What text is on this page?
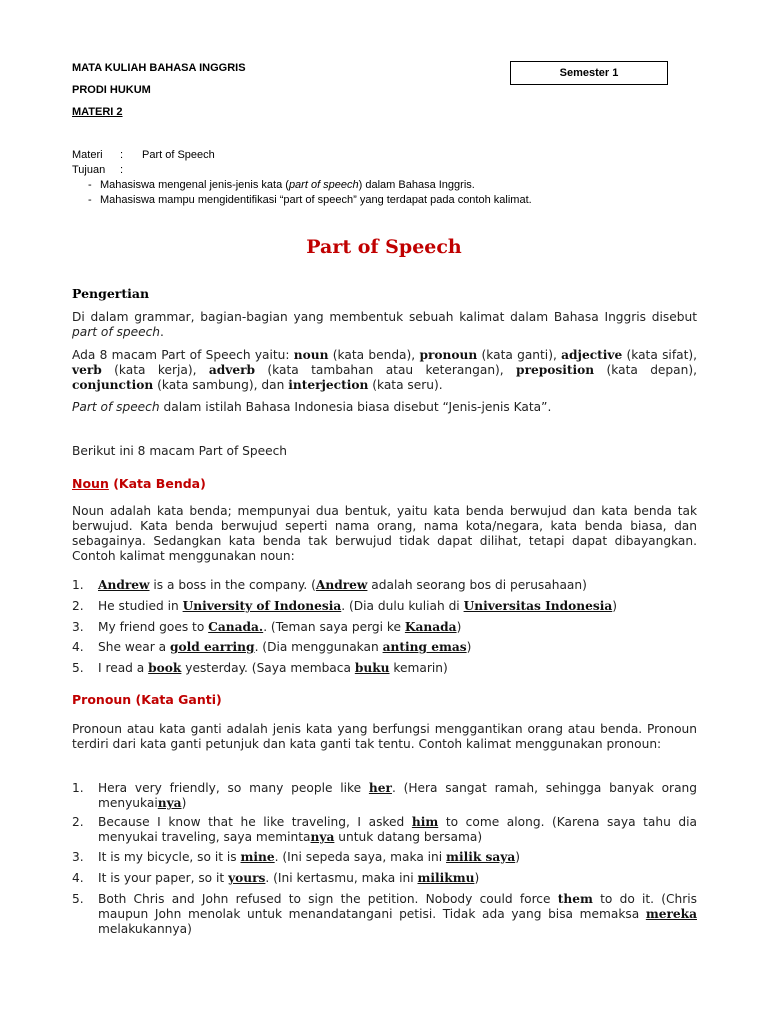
MATA KULIAH BAHASA INGGRIS
PRODI HUKUM
MATERI 2
Semester 1
Materi : Part of Speech
Tujuan :
- Mahasiswa mengenal jenis-jenis kata (part of speech) dalam Bahasa Inggris.
- Mahasiswa mampu mengidentifikasi “part of speech” yang terdapat pada contoh kalimat.
Part of Speech
Pengertian
Di dalam grammar, bagian-bagian yang membentuk sebuah kalimat dalam Bahasa Inggris disebut part of speech.
Ada 8 macam Part of Speech yaitu: noun (kata benda), pronoun (kata ganti), adjective (kata sifat), verb (kata kerja), adverb (kata tambahan atau keterangan), preposition (kata depan), conjunction (kata sambung), dan interjection (kata seru).
Part of speech dalam istilah Bahasa Indonesia biasa disebut “Jenis-jenis Kata”.
Berikut ini 8 macam Part of Speech
Noun (Kata Benda)
Noun adalah kata benda; mempunyai dua bentuk, yaitu kata benda berwujud dan kata benda tak berwujud. Kata benda berwujud seperti nama orang, nama kota/negara, kata benda biasa, dan sebagainya. Sedangkan kata benda tak berwujud tidak dapat dilihat, tetapi dapat dibayangkan. Contoh kalimat menggunakan noun:
1. Andrew is a boss in the company. (Andrew adalah seorang bos di perusahaan)
2. He studied in University of Indonesia. (Dia dulu kuliah di Universitas Indonesia)
3. My friend goes to Canada.. (Teman saya pergi ke Kanada)
4. She wear a gold earring. (Dia menggunakan anting emas)
5. I read a book yesterday. (Saya membaca buku kemarin)
Pronoun (Kata Ganti)
Pronoun atau kata ganti adalah jenis kata yang berfungsi menggantikan orang atau benda. Pronoun terdiri dari kata ganti petunjuk dan kata ganti tak tentu. Contoh kalimat menggunakan pronoun:
1. Hera very friendly, so many people like her. (Hera sangat ramah, sehingga banyak orang menyukainya)
2. Because I know that he like traveling, I asked him to come along. (Karena saya tahu dia menyukai traveling, saya memintanya untuk datang bersama)
3. It is my bicycle, so it is mine. (Ini sepeda saya, maka ini milik saya)
4. It is your paper, so it yours. (Ini kertasmu, maka ini milikmu)
5. Both Chris and John refused to sign the petition. Nobody could force them to do it. (Chris maupun John menolak untuk menandatangani petisi. Tidak ada yang bisa memaksa mereka melakukannya)
